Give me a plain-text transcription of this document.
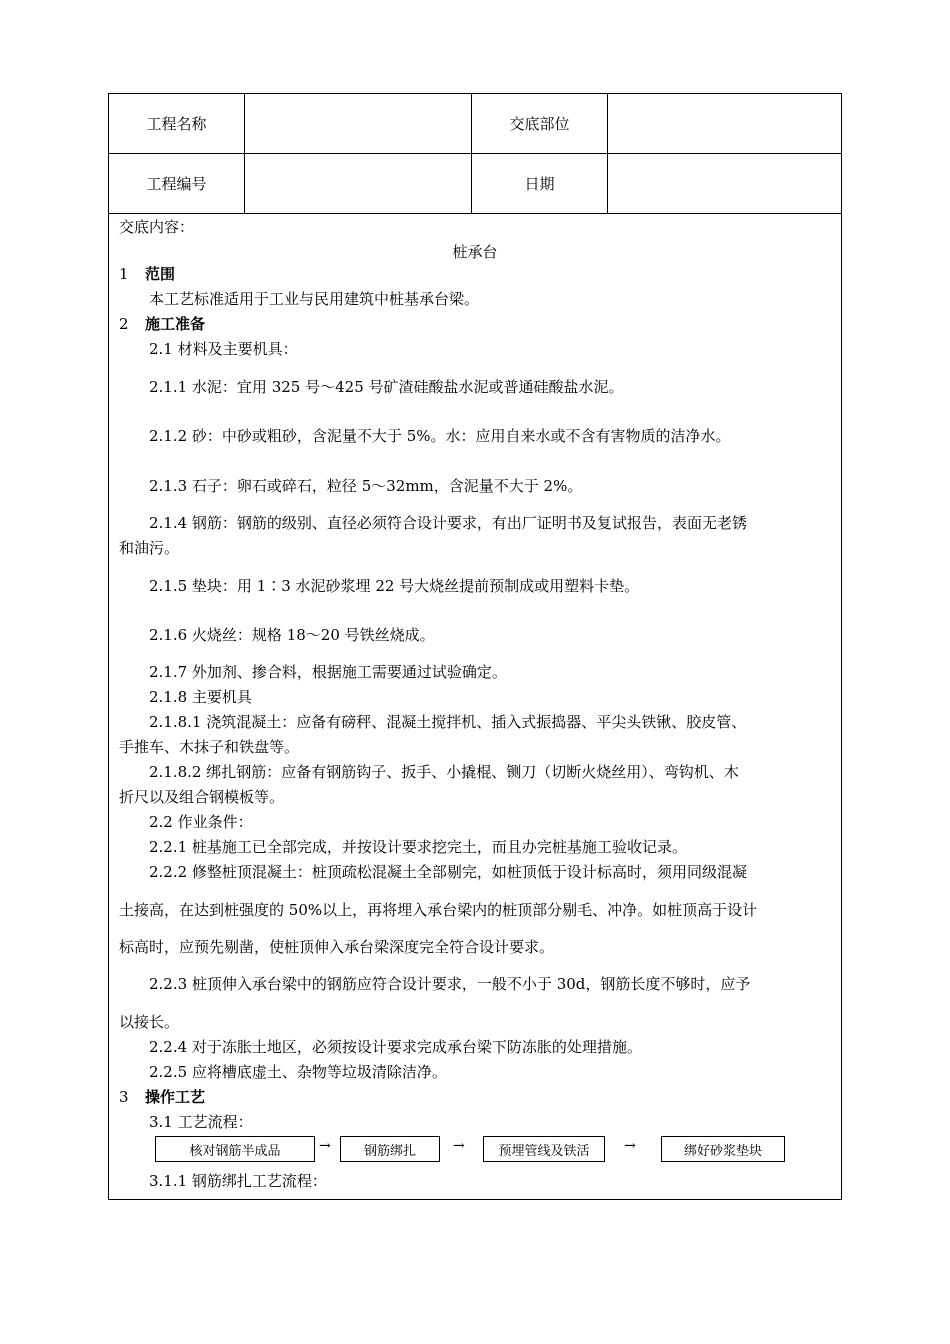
工程名称	交底部位
工程编号	日期
交底内容：
桩承台
1 范围
本工艺标准适用于工业与民用建筑中桩基承台梁。
2 施工准备
2.1 材料及主要机具：
2.1.1 水泥：宜用 325 号～425 号矿渣硅酸盐水泥或普通硅酸盐水泥。
2.1.2 砂：中砂或粗砂，含泥量不大于 5%。水：应用自来水或不含有害物质的洁净水。
2.1.3 石子：卵石或碎石，粒径 5～32mm，含泥量不大于 2%。
2.1.4 钢筋：钢筋的级别、直径必须符合设计要求，有出厂证明书及复试报告，表面无老锈
和油污。
2.1.5 垫块：用 1∶3 水泥砂浆埋 22 号大烧丝提前预制成或用塑料卡垫。
2.1.6 火烧丝：规格 18～20 号铁丝烧成。
2.1.7 外加剂、掺合料，根据施工需要通过试验确定。
2.1.8 主要机具
2.1.8.1 浇筑混凝土：应备有磅秤、混凝土搅拌机、插入式振捣器、平尖头铁锹、胶皮管、
手推车、木抹子和铁盘等。
2.1.8.2 绑扎钢筋：应备有钢筋钩子、扳手、小撬棍、铡刀（切断火烧丝用）、弯钩机、木
折尺以及组合钢模板等。
2.2 作业条件：
2.2.1 桩基施工已全部完成，并按设计要求挖完土，而且办完桩基施工验收记录。
2.2.2 修整桩顶混凝土：桩顶疏松混凝土全部剔完，如桩顶低于设计标高时，须用同级混凝
土接高，在达到桩强度的 50%以上，再将埋入承台梁内的桩顶部分剔毛、冲净。如桩顶高于设计
标高时，应预先剔凿，使桩顶伸入承台梁深度完全符合设计要求。
2.2.3 桩顶伸入承台梁中的钢筋应符合设计要求，一般不小于 30d，钢筋长度不够时，应予
以接长。
2.2.4 对于冻胀土地区，必须按设计要求完成承台梁下防冻胀的处理措施。
2.2.5 应将槽底虚土、杂物等垃圾清除洁净。
3 操作工艺
3.1 工艺流程：
核对钢筋半成品	→	钢筋绑扎	→	预埋管线及铁活	→	绑好砂浆垫块
3.1.1 钢筋绑扎工艺流程：
